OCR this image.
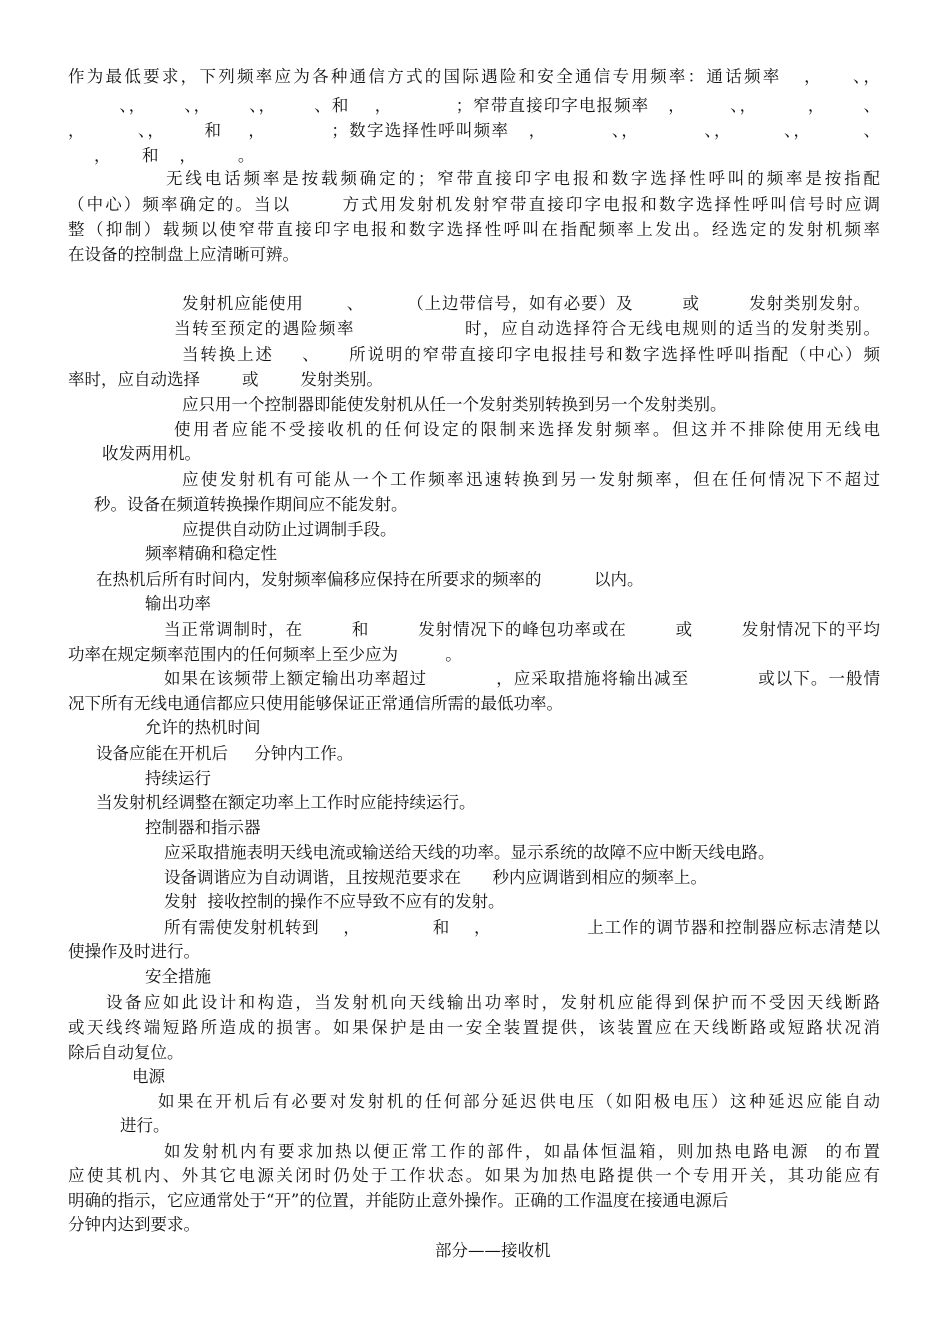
作为最低要求，下列频率应为各种通信方式的国际遇险和安全通信专用频率：通话频率   ，    、，

、，      、，      、，      、和    ，          ；窄带直接印字电报频率   ，       、，        ，      、

，        、，      和    ，          ；数字选择性呼叫频率   ，          、，          、，        、，        、

，      和    ，        。

无线电话频率是按载频确定的；窄带直接印字电报和数字选择性呼叫的频率是按指配

（中心）频率确定的。当以       方式用发射机发射窄带直接印字电报和数字选择性呼叫信号时应调

整（抑制）载频以使窄带直接印字电报和数字选择性呼叫在指配频率上发出。经选定的发射机频率

在设备的控制盘上应清晰可辨。

发射机应能使用       、       （上边带信号，如有必要）及        或        发射类别发射。

当转至预定的遇险频率                时，应自动选择符合无线电规则的适当的发射类别。

当转换上述    、    所说明的窄带直接印字电报挂号和数字选择性呼叫指配（中心）频

率时，应自动选择        或        发射类别。

应只用一个控制器即能使发射机从任一个发射类别转换到另一个发射类别。

使用者应能不受接收机的任何设定的限制来选择发射频率。但这并不排除使用无线电

收发两用机。

应使发射机有可能从一个工作频率迅速转换到另一发射频率，但在任何情况下不超过

秒。设备在频道转换操作期间应不能发射。

应提供自动防止过调制手段。

频率精确和稳定性

在热机后所有时间内，发射频率偏移应保持在所要求的频率的          以内。

输出功率

当正常调制时，在        和        发射情况下的峰包功率或在        或        发射情况下的平均

功率在规定频率范围内的任何频率上至少应为         。

如果在该频带上额定输出功率超过           ，应采取措施将输出减至           或以下。一般情

况下所有无线电通信都应只使用能够保证正常通信所需的最低功率。

允许的热机时间

设备应能在开机后     分钟内工作。

持续运行

当发射机经调整在额定功率上工作时应能持续运行。

控制器和指示器

应采取措施表明天线电流或输送给天线的功率。显示系统的故障不应中断天线电路。

设备调谐应为自动调谐，且按规范要求在      秒内应调谐到相应的频率上。

发射  接收控制的操作不应导致不应有的发射。

所有需使发射机转到    ，            和    ，                上工作的调节器和控制器应标志清楚以

使操作及时进行。

安全措施

设备应如此设计和构造，当发射机向天线输出功率时，发射机应能得到保护而不受因天线断路

或天线终端短路所造成的损害。如果保护是由一安全装置提供，该装置应在天线断路或短路状况消

除后自动复位。

电源

如果在开机后有必要对发射机的任何部分延迟供电压（如阳极电压）这种延迟应能自动

进行。

如发射机内有要求加热以便正常工作的部件，如晶体恒温箱，则加热电路电源  的布置

应使其机内、外其它电源关闭时仍处于工作状态。如果为加热电路提供一个专用开关，其功能应有

明确的指示，它应通常处于“开”的位置，并能防止意外操作。正确的工作温度在接通电源后

分钟内达到要求。

部分——接收机
